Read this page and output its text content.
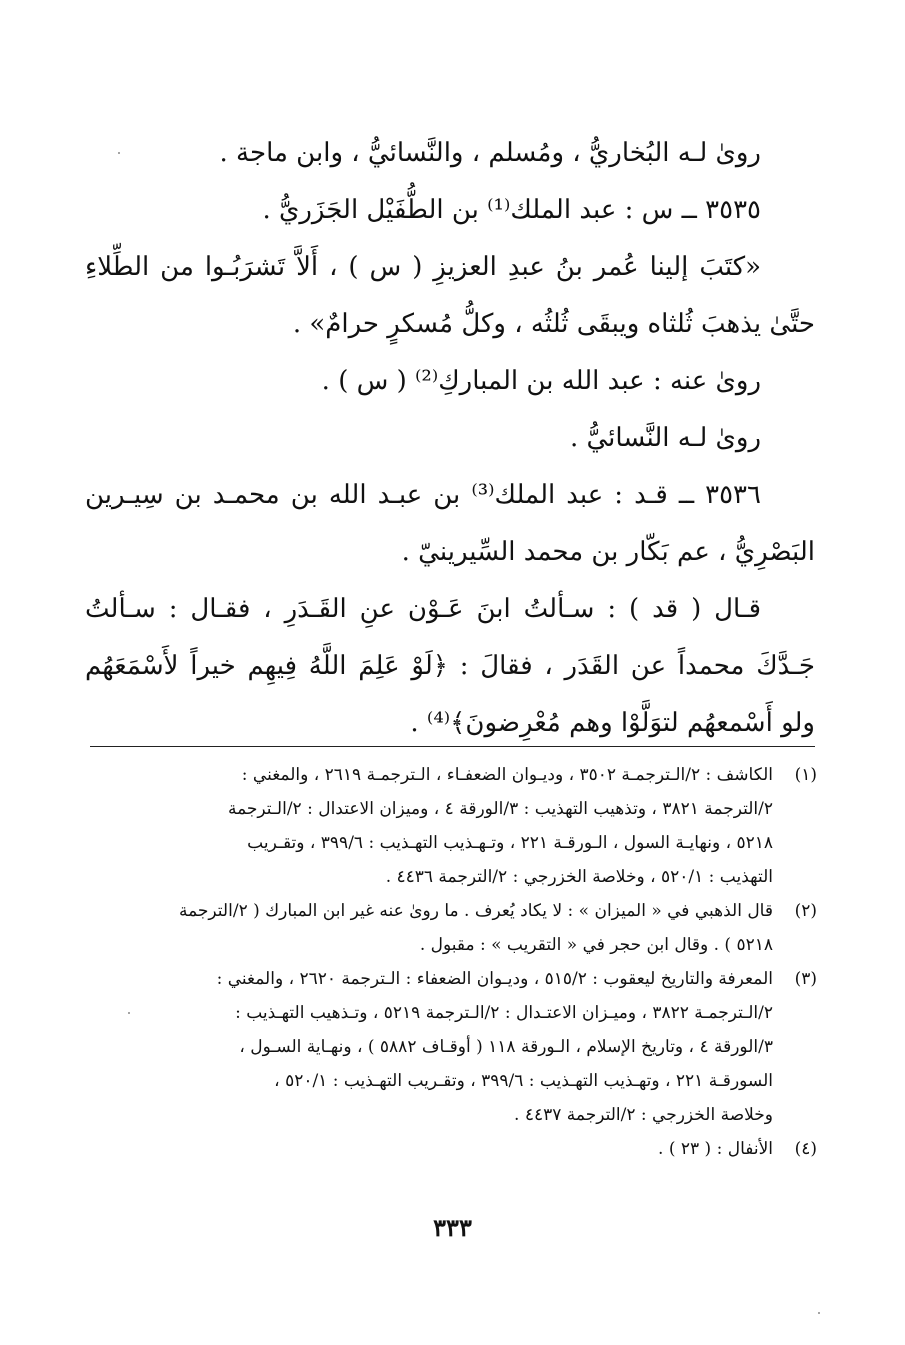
روىٰ لـه البُخاريُّ ، ومُسلم ، والنَّسائيُّ ، وابن ماجة .

٣٥٣٥ ــ س : عبد الملك⁽¹⁾ بن الطُّفَيْل الجَزَريُّ .

«كتَبَ إلينا عُمر بنُ عبدِ العزيزِ ( س ) ، أَلاَّ تَشرَبُـوا من الطِّلاءِ حتَّىٰ يذهبَ ثُلثاه ويبقَى ثُلثُه ، وكلُّ مُسكرٍ حرامٌ» .

روىٰ عنه : عبد الله بن المباركِ⁽²⁾ ( س ) .

روىٰ لـه النَّسائيُّ .

٣٥٣٦ ــ قـد : عبد الملك⁽³⁾ بن عبـد الله بن محمـد بن سِيـرين البَصْرِيُّ ، عم بَكّار بن محمد السِّيرينيّ .

قـال ( قد ) : سـألتُ ابنَ عَـوْن عنِ القَـدَرِ ، فقـال : سـألتُ جَـدَّكَ محمداً عن القَدَر ، فقالَ : ﴿لَوْ عَلِمَ اللَّهُ فِيهِم خيراً لأَسْمَعَهُم ولو أَسْمعهُم لتوَلَّوْا وهم مُعْرِضونَ﴾⁽⁴⁾ .

(١)
الكاشف : ٢/الـترجمـة ٣٥٠٢ ، وديـوان الضعفـاء ، الـترجمـة ٢٦١٩ ، والمغني :
٢/الترجمة ٣٨٢١ ، وتذهيب التهذيب : ٣/الورقة ٤ ، وميزان الاعتدال : ٢/الـترجمة
٥٢١٨ ، ونهايـة السول ، الـورقـة ٢٢١ ، وتـهـذيب التهـذيب : ٣٩٩/٦ ، وتقـريب
التهذيب : ٥٢٠/١ ، وخلاصة الخزرجي : ٢/الترجمة ٤٤٣٦ .
(٢)
قال الذهبي في « الميزان » : لا يكاد يُعرف . ما روىٰ عنه غير ابن المبارك ( ٢/الترجمة
٥٢١٨ ) . وقال ابن حجر في « التقريب » : مقبول .
(٣)
المعرفة والتاريخ ليعقوب : ٥١٥/٢ ، وديـوان الضعفاء : الـترجمة ٢٦٢٠ ، والمغني :
٢/الـترجمـة ٣٨٢٢ ، وميـزان الاعتـدال : ٢/الـترجمة ٥٢١٩ ، وتـذهيب التهـذيب :
٣/الورقة ٤ ، وتاريخ الإسلام ، الـورقة ١١٨ ( أوقـاف ٥٨٨٢ ) ، ونهـاية السـول ،
السورقـة ٢٢١ ، وتهـذيب التهـذيب : ٣٩٩/٦ ، وتقـريب التهـذيب : ٥٢٠/١ ،
وخلاصة الخزرجي : ٢/الترجمة ٤٤٣٧ .
(٤)
الأنفال : ( ٢٣ ) .
٣٣٣
